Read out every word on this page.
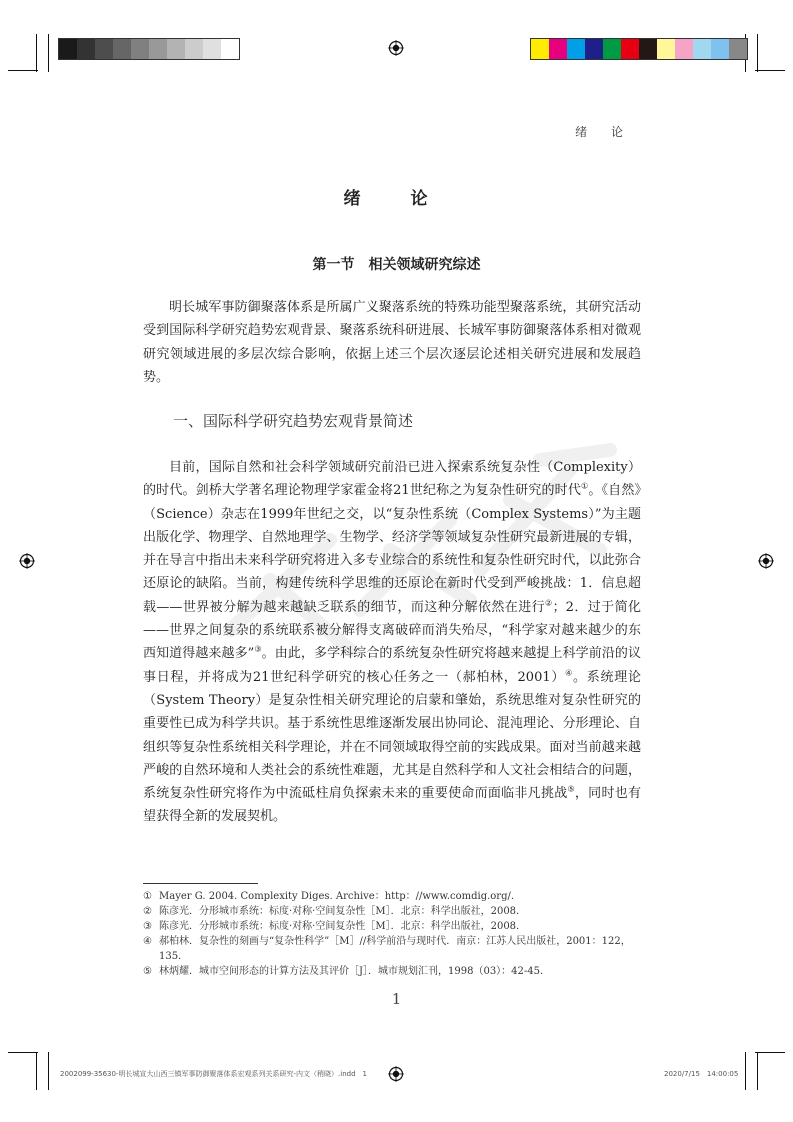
绪 论
绪 论
第一节　相关领域研究综述

明长城军事防御聚落体系是所属广义聚落系统的特殊功能型聚落系统，其研究活动受到国际科学研究趋势宏观背景、聚落系统科研进展、长城军事防御聚落体系相对微观研究领域进展的多层次综合影响，依据上述三个层次逐层论述相关研究进展和发展趋势。

一、国际科学研究趋势宏观背景简述

目前，国际自然和社会科学领域研究前沿已进入探索系统复杂性（Complexity）的时代。剑桥大学著名理论物理学家霍金将21世纪称之为复杂性研究的时代①。《自然》（Science）杂志在1999年世纪之交，以“复杂性系统（Complex Systems）”为主题出版化学、物理学、自然地理学、生物学、经济学等领域复杂性研究最新进展的专辑，并在导言中指出未来科学研究将进入多专业综合的系统性和复杂性研究时代，以此弥合还原论的缺陷。当前，构建传统科学思维的还原论在新时代受到严峻挑战：1．信息超载——世界被分解为越来越缺乏联系的细节，而这种分解依然在进行②；2．过于简化——世界之间复杂的系统联系被分解得支离破碎而消失殆尽，“科学家对越来越少的东西知道得越来越多”③。由此，多学科综合的系统复杂性研究将越来越提上科学前沿的议事日程，并将成为21世纪科学研究的核心任务之一（郝柏林，2001）④。系统理论（System Theory）是复杂性相关研究理论的启蒙和肇始，系统思维对复杂性研究的重要性已成为科学共识。基于系统性思维逐渐发展出协同论、混沌理论、分形理论、自组织等复杂性系统相关科学理论，并在不同领域取得空前的实践成果。面对当前越来越严峻的自然环境和人类社会的系统性难题，尤其是自然科学和人文社会相结合的问题，系统复杂性研究将作为中流砥柱肩负探索未来的重要使命而面临非凡挑战⑤，同时也有望获得全新的发展契机。

① Mayer G. 2004. Complexity Diges. Archive：http：//www.comdig.org/.
② 陈彦光．分形城市系统：标度·对称·空间复杂性［M］．北京：科学出版社，2008．
③ 陈彦光．分形城市系统：标度·对称·空间复杂性［M］．北京：科学出版社，2008．
④ 郝柏林．复杂性的刻画与“复杂性科学”［M］//科学前沿与现时代．南京：江苏人民出版社，2001：122，135．
⑤ 林炳耀．城市空间形态的计算方法及其评价［J］．城市规划汇刊，1998（03）：42-45．
1
2002099-35630-明长城宣大山西三镇军事防御聚落体系宏观系列关系研究-内文（稍晓）.indd　1	2020/7/15　14:00:05
